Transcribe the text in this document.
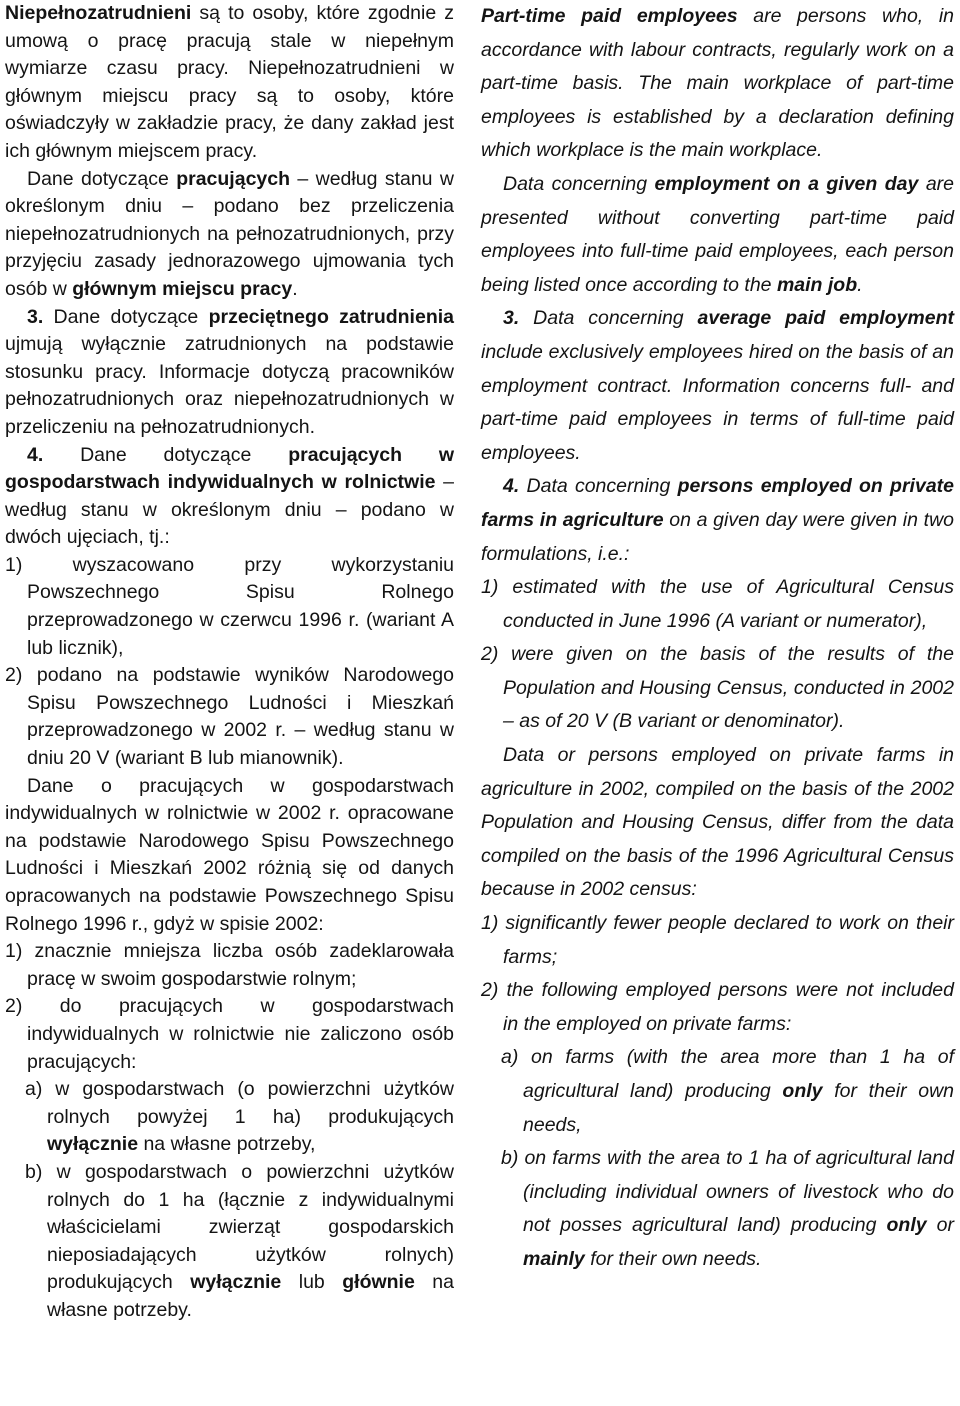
Niepełnozatrudnieni są to osoby, które zgodnie z umową o pracę pracują stale w niepełnym wymiarze czasu pracy. Niepełnozatrudnieni w głównym miejscu pracy są to osoby, które oświadczyły w zakładzie pracy, że dany zakład jest ich głównym miejscem pracy.

Dane dotyczące pracujących – według stanu w określonym dniu – podano bez przeliczenia niepełnozatrudnionych na pełnozatrudnionych, przy przyjęciu zasady jednorazowego ujmowania tych osób w głównym miejscu pracy.

3. Dane dotyczące przeciętnego zatrudnienia ujmują wyłącznie zatrudnionych na podstawie stosunku pracy. Informacje dotyczą pracowników pełnozatrudnionych oraz niepełnozatrudnionych w przeliczeniu na pełnozatrudnionych.

4. Dane dotyczące pracujących w gospodarstwach indywidualnych w rolnictwie – według stanu w określonym dniu – podano w dwóch ujęciach, tj.:

1) wyszacowano przy wykorzystaniu Powszechnego Spisu Rolnego przeprowadzonego w czerwcu 1996 r. (wariant A lub licznik),

2) podano na podstawie wyników Narodowego Spisu Powszechnego Ludności i Mieszkań przeprowadzonego w 2002 r. – według stanu w dniu 20 V (wariant B lub mianownik).

Dane o pracujących w gospodarstwach indywidualnych w rolnictwie w 2002 r. opracowane na podstawie Narodowego Spisu Powszechnego Ludności i Mieszkań 2002 różnią się od danych opracowanych na podstawie Powszechnego Spisu Rolnego 1996 r., gdyż w spisie 2002:

1) znacznie mniejsza liczba osób zadeklarowała pracę w swoim gospodarstwie rolnym;

2) do pracujących w gospodarstwach indywidualnych w rolnictwie nie zaliczono osób pracujących:

a) w gospodarstwach (o powierzchni użytków rolnych powyżej 1 ha) produkujących wyłącznie na własne potrzeby,

b) w gospodarstwach o powierzchni użytków rolnych do 1 ha (łącznie z indywidualnymi właścicielami zwierząt gospodarskich nieposiadających użytków rolnych) produkujących wyłącznie lub głównie na własne potrzeby.

Part-time paid employees are persons who, in accordance with labour contracts, regularly work on a part-time basis. The main workplace of part-time employees is established by a declaration defining which workplace is the main workplace.

Data concerning employment on a given day are presented without converting part-time paid employees into full-time paid employees, each person being listed once according to the main job.

3. Data concerning average paid employment include exclusively employees hired on the basis of an employment contract. Information concerns full- and part-time paid employees in terms of full-time paid employees.

4. Data concerning persons employed on private farms in agriculture on a given day were given in two formulations, i.e.:

1) estimated with the use of Agricultural Census conducted in June 1996 (A variant or numerator),

2) were given on the basis of the results of the Population and Housing Census, conducted in 2002 – as of 20 V (B variant or denominator).

Data or persons employed on private farms in agriculture in 2002, compiled on the basis of the 2002 Population and Housing Census, differ from the data compiled on the basis of the 1996 Agricultural Census because in 2002 census:

1) significantly fewer people declared to work on their farms;

2) the following employed persons were not included in the employed on private farms:

a) on farms (with the area more than 1 ha of agricultural land) producing only for their own needs,

b) on farms with the area to 1 ha of agricultural land (including individual owners of livestock who do not posses agricultural land) producing only or mainly for their own needs.
